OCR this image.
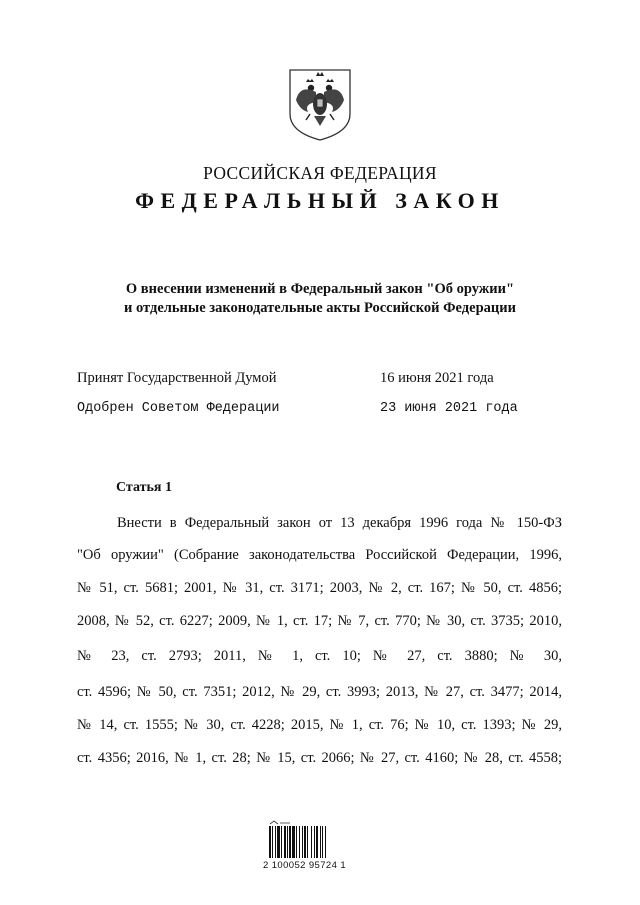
РОССИЙСКАЯ ФЕДЕРАЦИЯ
ФЕДЕРАЛЬНЫЙ ЗАКОН
О внесении изменений в Федеральный закон "Об оружии"
и отдельные законодательные акты Российской Федерации
Принят Государственной Думой	16 июня 2021 года
Одобрен Советом Федерации	23 июня 2021 года
Статья 1
Внести в Федеральный закон от 13 декабря 1996 года № 150-ФЗ
"Об оружии" (Собрание законодательства Российской Федерации, 1996,
№ 51, ст. 5681; 2001, № 31, ст. 3171; 2003, № 2, ст. 167; № 50, ст. 4856;
2008, № 52, ст. 6227; 2009, № 1, ст. 17; № 7, ст. 770; № 30, ст. 3735; 2010,
№ 23, ст. 2793; 2011, № 1, ст. 10; № 27, ст. 3880; № 30,
ст. 4596; № 50, ст. 7351; 2012, № 29, ст. 3993; 2013, № 27, ст. 3477; 2014,
№ 14, ст. 1555; № 30, ст. 4228; 2015, № 1, ст. 76; № 10, ст. 1393; № 29,
ст. 4356; 2016, № 1, ст. 28; № 15, ст. 2066; № 27, ст. 4160; № 28, ст. 4558;
2 100052 95724 1
